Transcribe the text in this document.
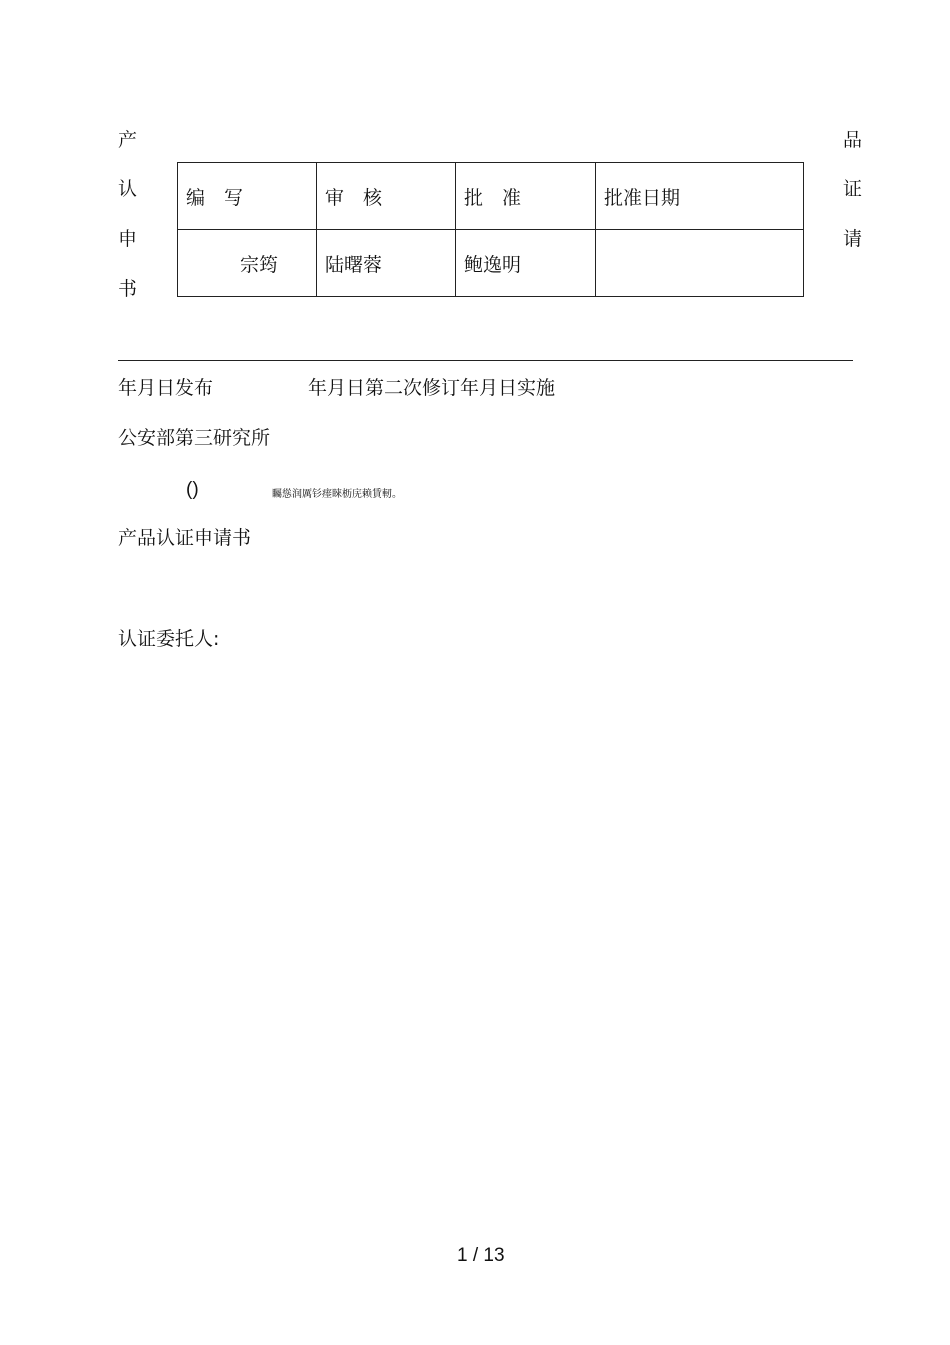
产
认
申
书
品
证
请
编　写	审　核	批　准	批准日期
宗筠	陆曙蓉	鲍逸明	
年月日发布	年月日第二次修订年月日实施
公安部第三研究所
()	矚慫润厲钐瘗睞枥庑赖賃軔。
产品认证申请书
认证委托人:
1 / 13
